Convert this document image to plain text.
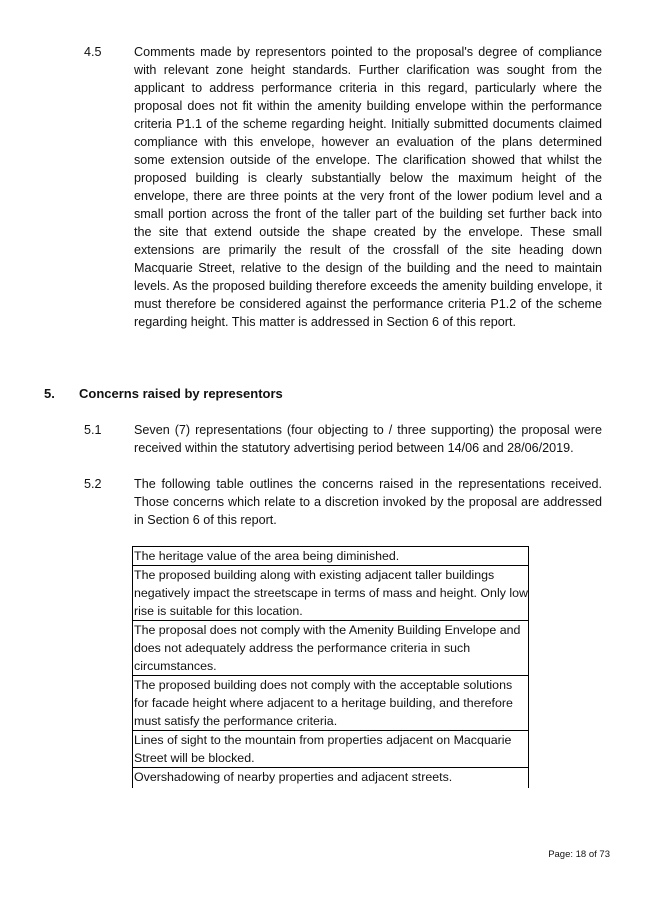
4.5	Comments made by representors pointed to the proposal's degree of compliance with relevant zone height standards. Further clarification was sought from the applicant to address performance criteria in this regard, particularly where the proposal does not fit within the amenity building envelope within the performance criteria P1.1 of the scheme regarding height. Initially submitted documents claimed compliance with this envelope, however an evaluation of the plans determined some extension outside of the envelope. The clarification showed that whilst the proposed building is clearly substantially below the maximum height of the envelope, there are three points at the very front of the lower podium level and a small portion across the front of the taller part of the building set further back into the site that extend outside the shape created by the envelope. These small extensions are primarily the result of the crossfall of the site heading down Macquarie Street, relative to the design of the building and the need to maintain levels. As the proposed building therefore exceeds the amenity building envelope, it must therefore be considered against the performance criteria P1.2 of the scheme regarding height. This matter is addressed in Section 6 of this report.
5. Concerns raised by representors
5.1	Seven (7) representations (four objecting to / three supporting) the proposal were received within the statutory advertising period between 14/06 and 28/06/2019.
5.2	The following table outlines the concerns raised in the representations received. Those concerns which relate to a discretion invoked by the proposal are addressed in Section 6 of this report.
The heritage value of the area being diminished.
The proposed building along with existing adjacent taller buildings negatively impact the streetscape in terms of mass and height. Only low rise is suitable for this location.
The proposal does not comply with the Amenity Building Envelope and does not adequately address the performance criteria in such circumstances.
The proposed building does not comply with the acceptable solutions for facade height where adjacent to a heritage building, and therefore must satisfy the performance criteria.
Lines of sight to the mountain from properties adjacent on Macquarie Street will be blocked.
Overshadowing of nearby properties and adjacent streets.
Page: 18 of 73
